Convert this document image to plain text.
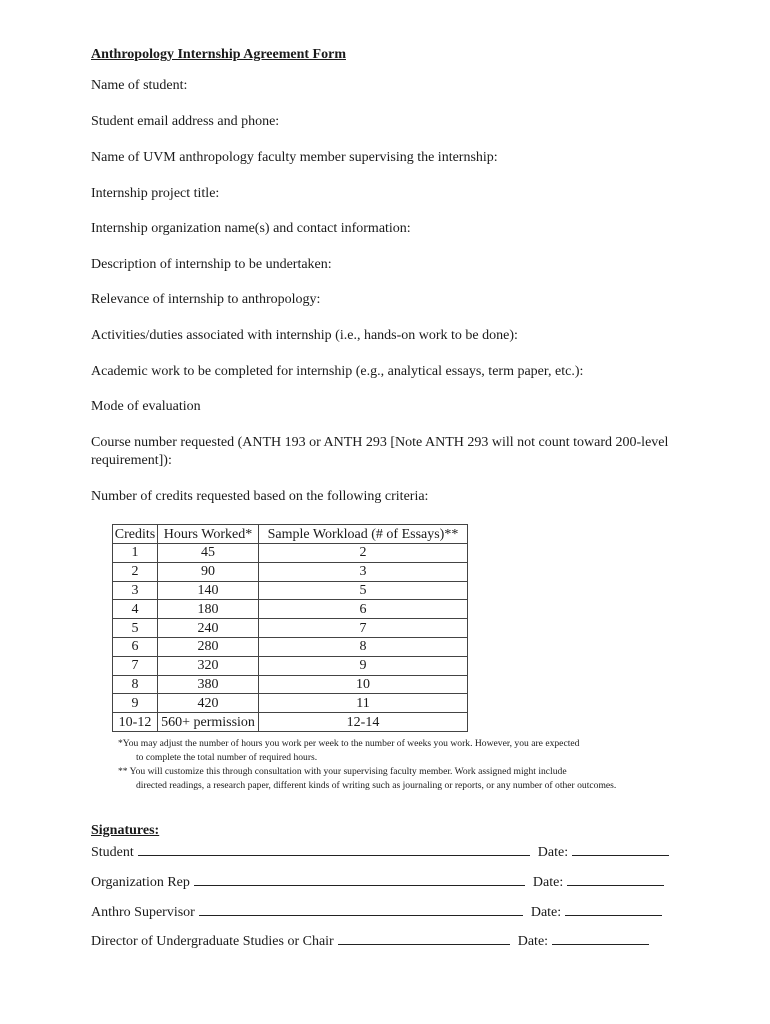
Anthropology Internship Agreement Form
Name of student:
Student email address and phone:
Name of UVM anthropology faculty member supervising the internship:
Internship project title:
Internship organization name(s) and contact information:
Description of internship to be undertaken:
Relevance of internship to anthropology:
Activities/duties associated with internship (i.e., hands-on work to be done):
Academic work to be completed for internship (e.g., analytical essays, term paper, etc.):
Mode of evaluation
Course number requested (ANTH 193 or ANTH 293 [Note ANTH 293 will not count toward 200-level requirement]):
Number of credits requested based on the following criteria:
Credits	Hours Worked*	Sample Workload (# of Essays)**
1	45	2
2	90	3
3	140	5
4	180	6
5	240	7
6	280	8
7	320	9
8	380	10
9	420	11
10-12	560+ permission	12-14
*You may adjust the number of hours you work per week to the number of weeks you work. However, you are expected
to complete the total number of required hours.
** You will customize this through consultation with your supervising faculty member. Work assigned might include
directed readings, a research paper, different kinds of writing such as journaling or reports, or any number of other outcomes.
Signatures:
Student	Date:
Organization Rep	Date:
Anthro Supervisor	Date:
Director of Undergraduate Studies or Chair	Date:
